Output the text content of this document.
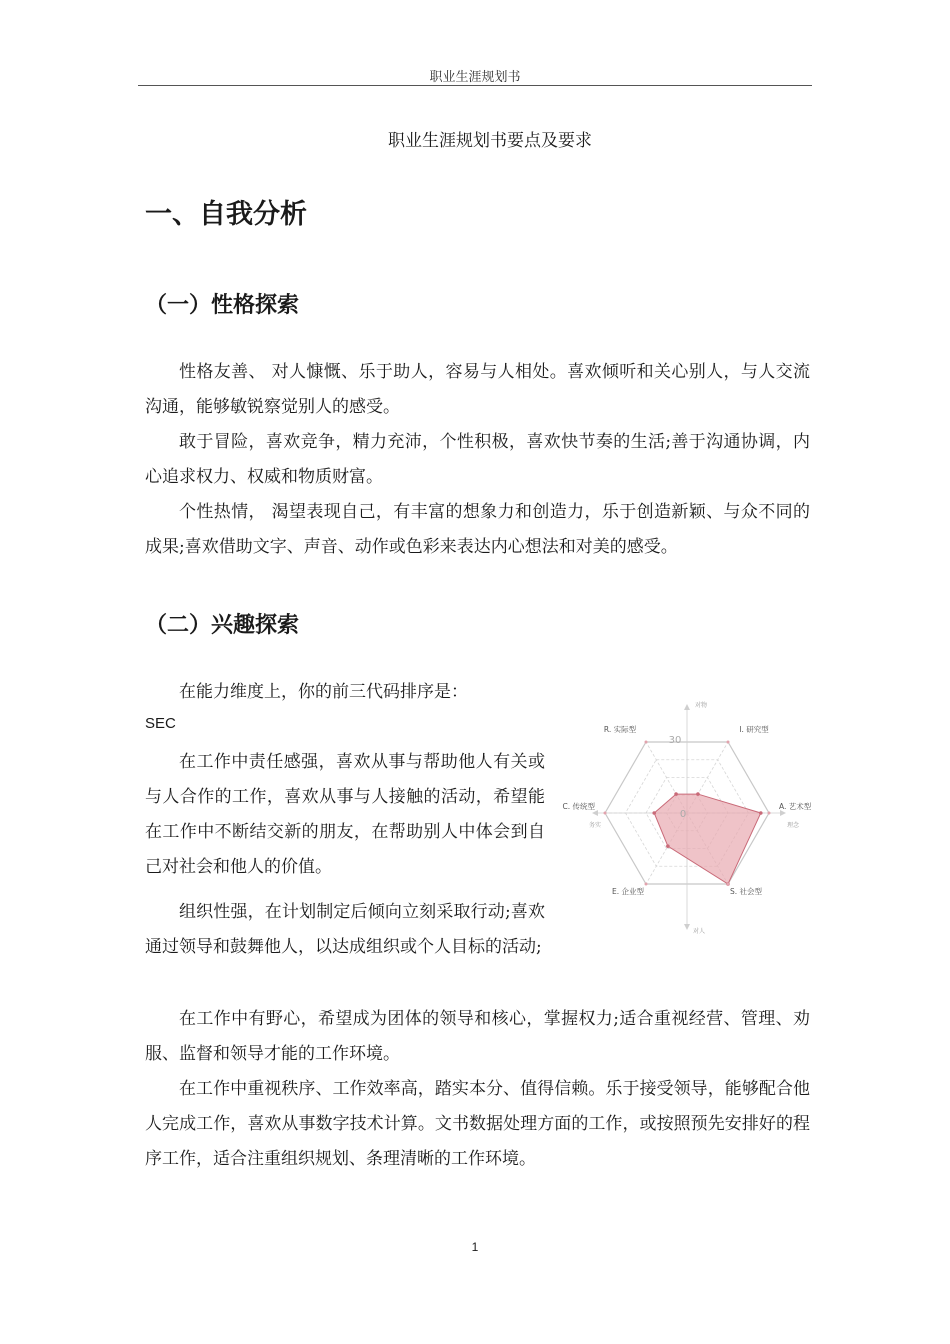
职业生涯规划书
职业生涯规划书要点及要求
一、自我分析
（一）性格探索

性格友善、 对人慷慨、乐于助人，容易与人相处。喜欢倾听和关心别人，与人交流沟通，能够敏锐察觉别人的感受。

敢于冒险，喜欢竞争，精力充沛，个性积极，喜欢快节奏的生活;善于沟通协调，内心追求权力、权威和物质财富。

个性热情， 渴望表现自己，有丰富的想象力和创造力，乐于创造新颖、与众不同的成果;喜欢借助文字、声音、动作或色彩来表达内心想法和对美的感受。

（二）兴趣探索

在能力维度上，你的前三代码排序是：

SEC

在工作中责任感强，喜欢从事与帮助他人有关或与人合作的工作，喜欢从事与人接触的活动，希望能在工作中不断结交新的朋友，在帮助别人中体会到自己对社会和他人的价值。

组织性强，在计划制定后倾向立刻采取行动;喜欢通过领导和鼓舞他人，以达成组织或个人目标的活动;

在工作中有野心，希望成为团体的领导和核心，掌握权力;适合重视经营、管理、劝服、监督和领导才能的工作环境。

在工作中重视秩序、工作效率高，踏实本分、值得信赖。乐于接受领导，能够配合他人完成工作，喜欢从事数字技术计算。文书数据处理方面的工作，或按照预先安排好的程序工作，适合注重组织规划、条理清晰的工作环境。

对物
对人
务实	理念
30
0
R. 实际型	I. 研究型
A. 艺术型
S. 社会型
E. 企业型
C. 传统型
1
